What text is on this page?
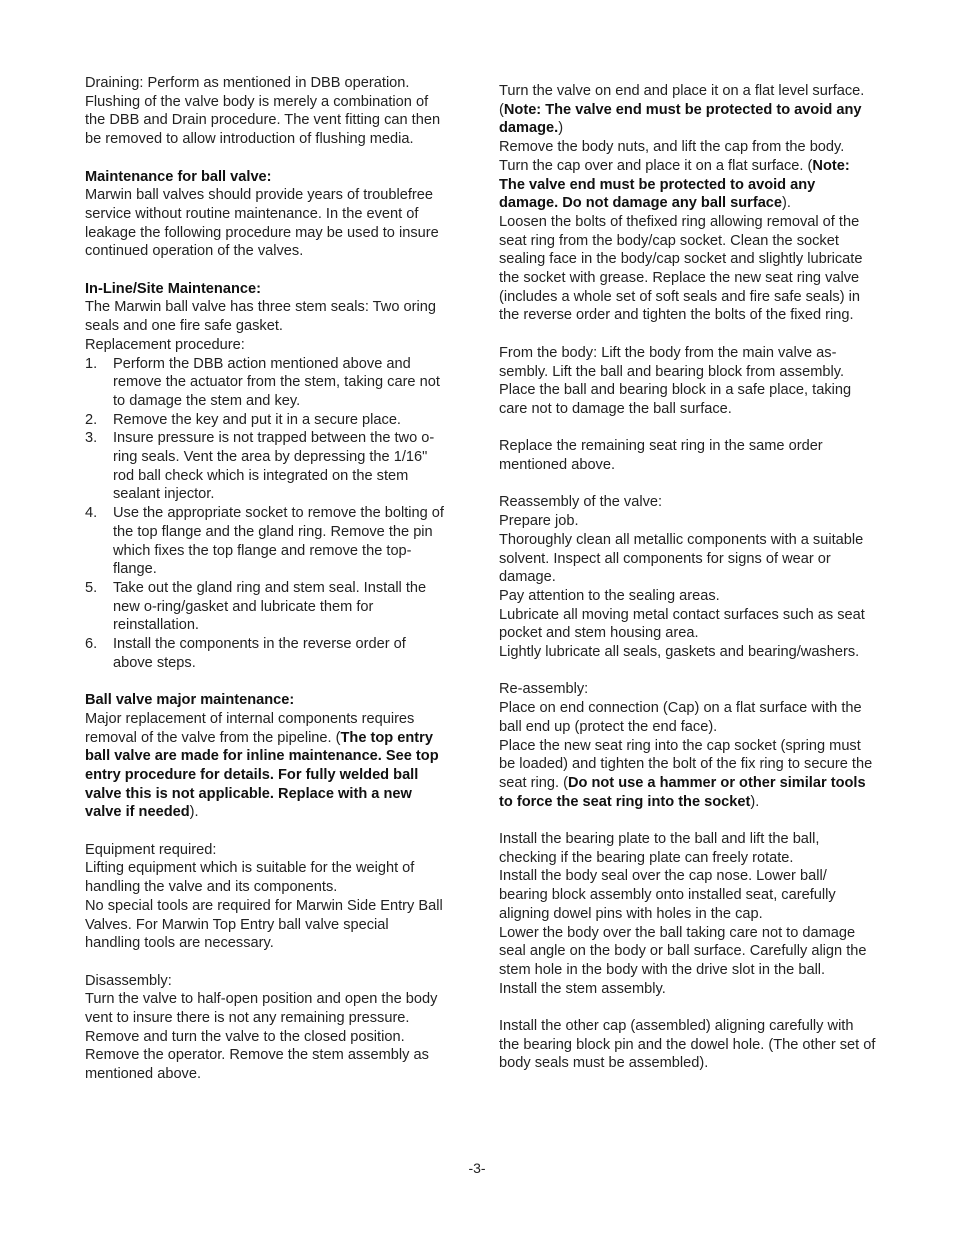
Draining: Perform as mentioned in DBB operation. Flushing of the valve body is merely a combination of the DBB and Drain procedure. The vent fitting can then be removed to allow introduction of flushing media.

Maintenance for ball valve:

Marwin ball valves should provide years of troublefree service without routine maintenance. In the event of leakage the following procedure may be used to insure continued operation of the valves.

In-Line/Site Maintenance:

The Marwin ball valve has three stem seals: Two oring seals and one fire safe gasket.

Replacement procedure:

1. Perform the DBB action mentioned above and remove the actuator from the stem, taking care not to damage the stem and key.
2. Remove the key and put it in a secure place.
3. Insure pressure is not trapped between the two o-ring seals. Vent the area by depressing the 1/16" rod ball check which is integrated on the stem sealant injector.
4. Use the appropriate socket to remove the bolting of the top flange and the gland ring. Remove the pin which fixes the top flange and remove the top-flange.
5. Take out the gland ring and stem seal. Install the new o-ring/gasket and lubricate them for reinstallation.
6. Install the components in the reverse order of above steps.

Ball valve major maintenance:

Major replacement of internal components requires removal of the valve from the pipeline. (The top entry ball valve are made for inline maintenance. See top entry procedure for details. For fully welded ball valve this is not applicable. Replace with a new valve if needed).

Equipment required:

Lifting equipment which is suitable for the weight of handling the valve and its components.

No special tools are required for Marwin Side Entry Ball Valves. For Marwin Top Entry ball valve special handling tools are necessary.

Disassembly:

Turn the valve to half-open position and open the body vent to insure there is not any remaining pressure. Remove and turn the valve to the closed position. Remove the operator. Remove the stem assembly as mentioned above.

Turn the valve on end and place it on a flat level surface. (Note: The valve end must be protected to avoid any damage.)

Remove the body nuts, and lift the cap from the body. Turn the cap over and place it on a flat surface. (Note: The valve end must be protected to avoid any damage. Do not damage any ball surface).

Loosen the bolts of thefixed ring allowing removal of the seat ring from the body/cap socket. Clean the socket sealing face in the body/cap socket and slightly lubricate the socket with grease. Replace the new seat ring valve (includes a whole set of soft seals and fire safe seals) in the reverse order and tighten the bolts of the fixed ring.

From the body: Lift the body from the main valve assembly. Lift the ball and bearing block from assembly. Place the ball and bearing block in a safe place, taking care not to damage the ball surface.

Replace the remaining seat ring in the same order mentioned above.

Reassembly of the valve:

Prepare job.

Thoroughly clean all metallic components with a suitable solvent. Inspect all components for signs of wear or damage.

Pay attention to the sealing areas.

Lubricate all moving metal contact surfaces such as seat pocket and stem housing area.

Lightly lubricate all seals, gaskets and bearing/washers.

Re-assembly:

Place on end connection (Cap) on a flat surface with the ball end up (protect the end face).

Place the new seat ring into the cap socket (spring must be loaded) and tighten the bolt of the fix ring to secure the seat ring. (Do not use a hammer or other similar tools to force the seat ring into the socket).

Install the bearing plate to the ball and lift the ball, checking if the bearing plate can freely rotate.

Install the body seal over the cap nose. Lower ball/ bearing block assembly onto installed seat, carefully aligning dowel pins with holes in the cap.

Lower the body over the ball taking care not to damage seal angle on the body or ball surface. Carefully align the stem hole in the body with the drive slot in the ball.

Install the stem assembly.

Install the other cap (assembled) aligning carefully with the bearing block pin and the dowel hole. (The other set of body seals must be assembled).

-3-
